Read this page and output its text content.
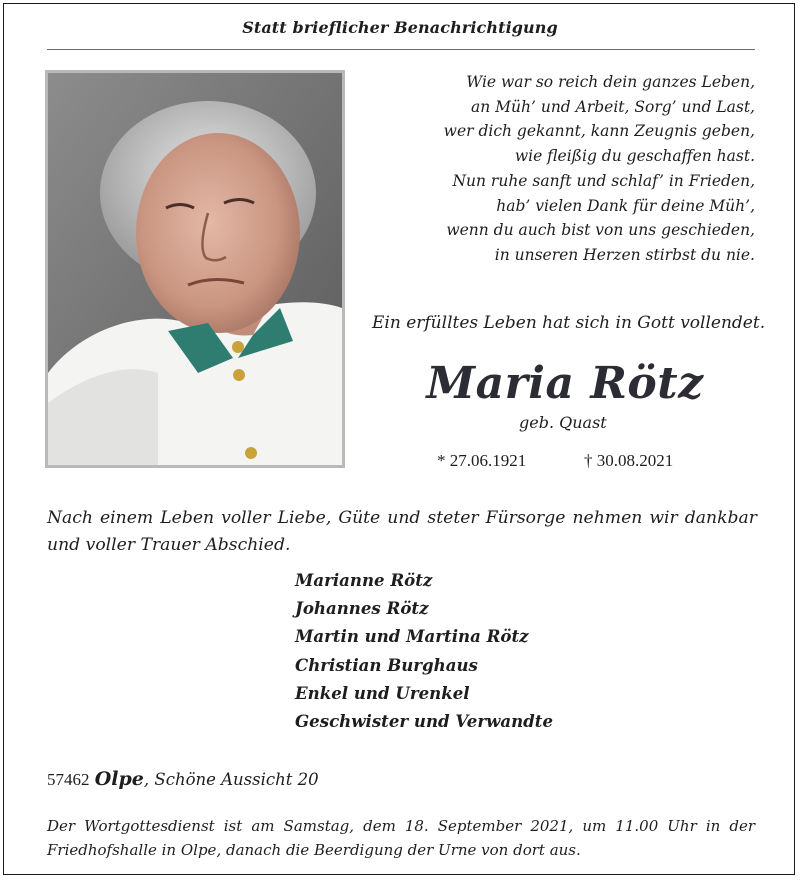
Statt brieflicher Benachrichtigung
Wie war so reich dein ganzes Leben,
an Müh’ und Arbeit, Sorg’ und Last,
wer dich gekannt, kann Zeugnis geben,
wie fleißig du geschaffen hast.
Nun ruhe sanft und schlaf’ in Frieden,
hab’ vielen Dank für deine Müh’,
wenn du auch bist von uns geschieden,
in unseren Herzen stirbst du nie.
Ein erfülltes Leben hat sich in Gott vollendet.
Maria Rötz
geb. Quast
* 27.06.1921	† 30.08.2021
Nach einem Leben voller Liebe, Güte und steter Fürsorge nehmen wir dankbar und voller Trauer Abschied.
Marianne Rötz
Johannes Rötz
Martin und Martina Rötz
Christian Burghaus
Enkel und Urenkel
Geschwister und Verwandte
57462 Olpe, Schöne Aussicht 20
Der Wortgottesdienst ist am Samstag, dem 18. September 2021, um 11.00 Uhr in der Friedhofshalle in Olpe, danach die Beerdigung der Urne von dort aus.
